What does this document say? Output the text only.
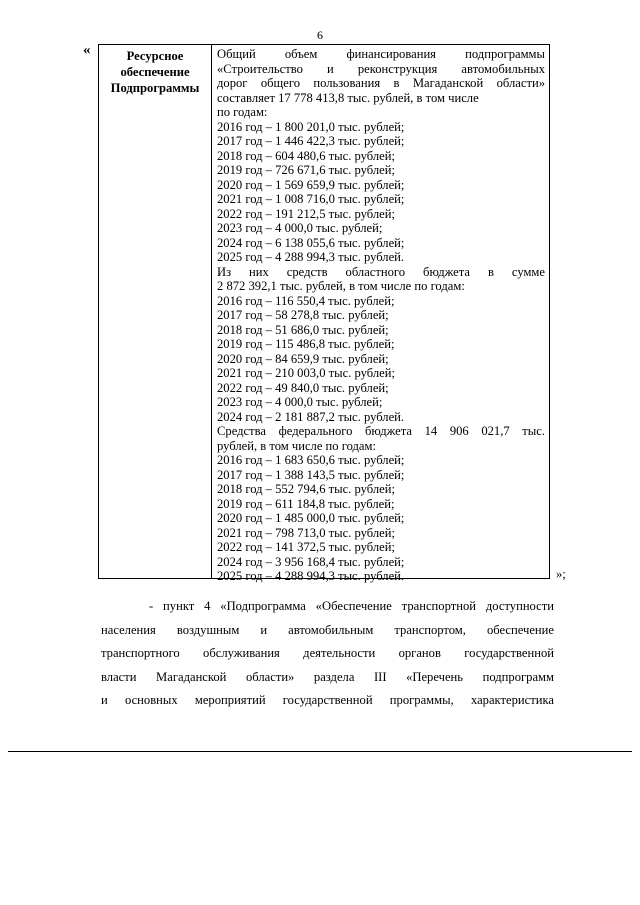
6
«	Ресурсное
обеспечение
Подпрограммы
Общий объем финансирования подпрограммы
«Строительство и реконструкция автомобильных
дорог общего пользования в Магаданской области»
составляет 17 778 413,8 тыс. рублей, в том числе
по годам:
2016 год – 1 800 201,0 тыс. рублей;
2017 год – 1 446 422,3 тыс. рублей;
2018 год – 604 480,6 тыс. рублей;
2019 год – 726 671,6 тыс. рублей;
2020 год – 1 569 659,9 тыс. рублей;
2021 год – 1 008 716,0 тыс. рублей;
2022 год – 191 212,5 тыс. рублей;
2023 год – 4 000,0 тыс. рублей;
2024 год – 6 138 055,6 тыс. рублей;
2025 год – 4 288 994,3 тыс. рублей.
Из них средств областного бюджета в сумме
2 872 392,1 тыс. рублей, в том числе по годам:
2016 год – 116 550,4 тыс. рублей;
2017 год – 58 278,8 тыс. рублей;
2018 год – 51 686,0 тыс. рублей;
2019 год – 115 486,8 тыс. рублей;
2020 год – 84 659,9 тыс. рублей;
2021 год – 210 003,0 тыс. рублей;
2022 год – 49 840,0 тыс. рублей;
2023 год – 4 000,0 тыс. рублей;
2024 год – 2 181 887,2 тыс. рублей.
Средства федерального бюджета 14 906 021,7 тыс.
рублей, в том числе по годам:
2016 год – 1 683 650,6 тыс. рублей;
2017 год – 1 388 143,5 тыс. рублей;
2018 год – 552 794,6 тыс. рублей;
2019 год – 611 184,8 тыс. рублей;
2020 год – 1 485 000,0 тыс. рублей;
2021 год – 798 713,0 тыс. рублей;
2022 год – 141 372,5 тыс. рублей;
2024 год – 3 956 168,4 тыс. рублей;
2025 год – 4 288 994,3 тыс. рублей.	»;
- пункт 4 «Подпрограмма «Обеспечение транспортной доступности
населения воздушным и автомобильным транспортом, обеспечение
транспортного обслуживания деятельности органов государственной
власти Магаданской области» раздела III «Перечень подпрограмм
и основных мероприятий государственной программы, характеристика
